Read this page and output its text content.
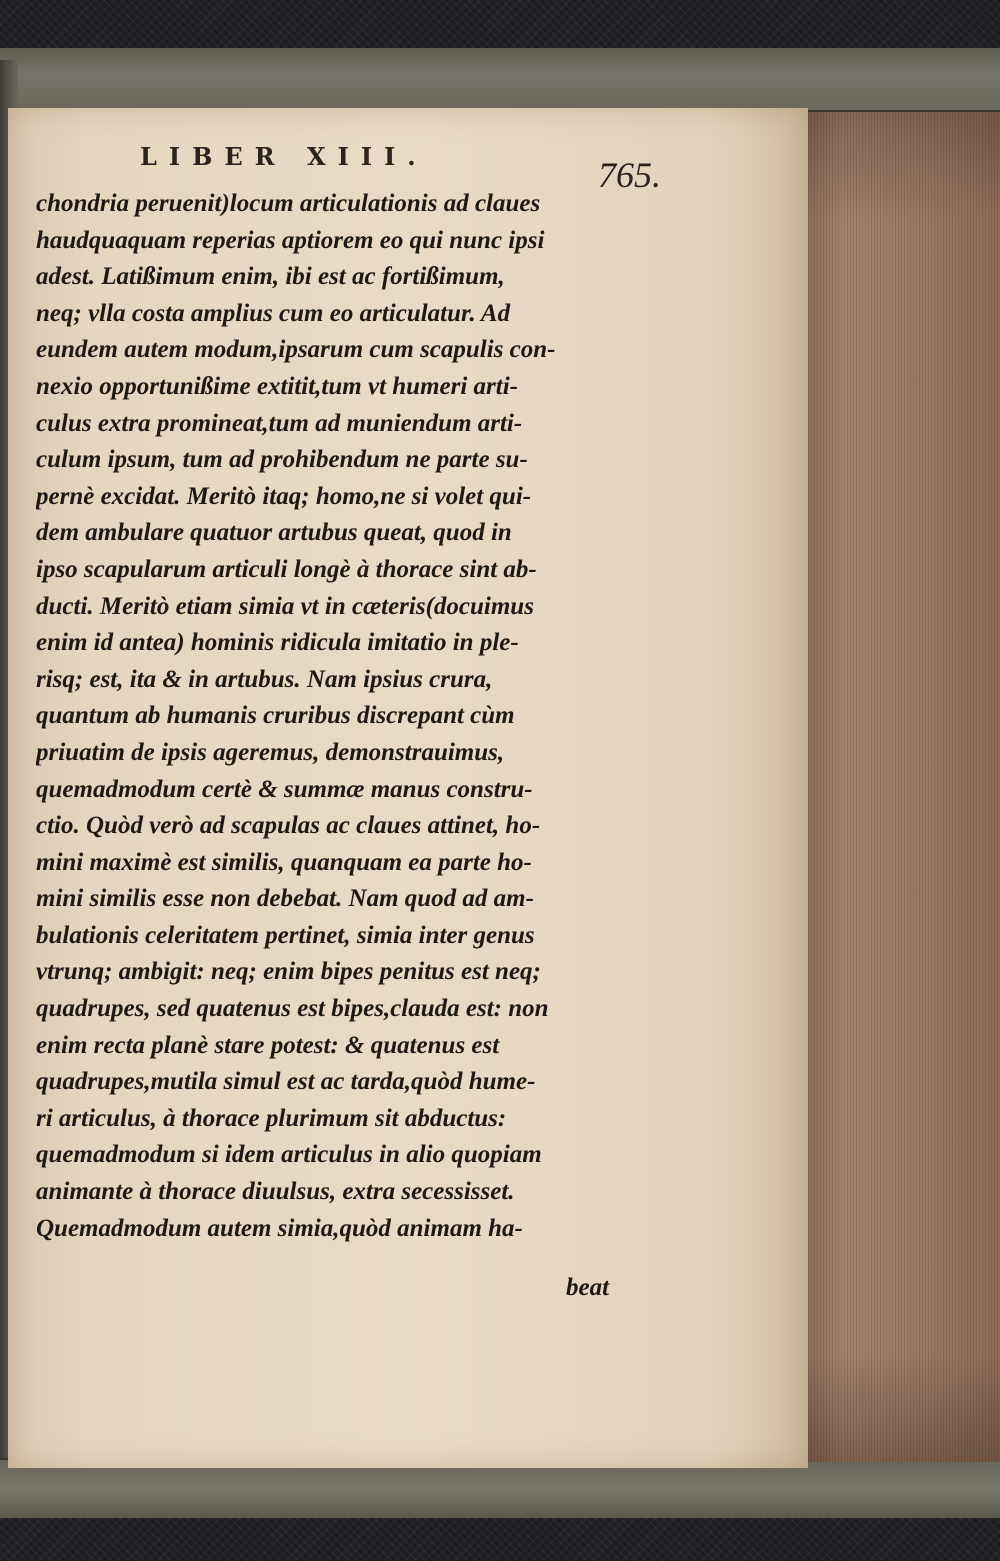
LIBER XIII.	765.
chondria peruenit)locum articulationis ad claues
haudquaquam reperias aptiorem eo qui nunc ipsi
adest. Latißimum enim, ibi est ac fortißimum,
neq; vlla costa amplius cum eo articulatur. Ad
eundem autem modum,ipsarum cum scapulis con-
nexio opportunißime extitit,tum vt humeri arti-
culus extra promineat,tum ad muniendum arti-
culum ipsum, tum ad prohibendum ne parte su-
pernè excidat. Meritò itaq; homo,ne si volet qui-
dem ambulare quatuor artubus queat, quod in
ipso scapularum articuli longè à thorace sint ab-
ducti. Meritò etiam simia vt in cæteris(docuimus
enim id antea) hominis ridicula imitatio in ple-
risq; est, ita & in artubus. Nam ipsius crura,
quantum ab humanis cruribus discrepant cùm
priuatim de ipsis ageremus, demonstrauimus,
quemadmodum certè & summæ manus constru-
ctio. Quòd verò ad scapulas ac claues attinet, ho-
mini maximè est similis, quanquam ea parte ho-
mini similis esse non debebat. Nam quod ad am-
bulationis celeritatem pertinet, simia inter genus
vtrunq; ambigit: neq; enim bipes penitus est neq;
quadrupes, sed quatenus est bipes,clauda est: non
enim recta planè stare potest: & quatenus est
quadrupes,mutila simul est ac tarda,quòd hume-
ri articulus, à thorace plurimum sit abductus:
quemadmodum si idem articulus in alio quopiam
animante à thorace diuulsus, extra secessisset.
Quemadmodum autem simia,quòd animam ha-
beat
